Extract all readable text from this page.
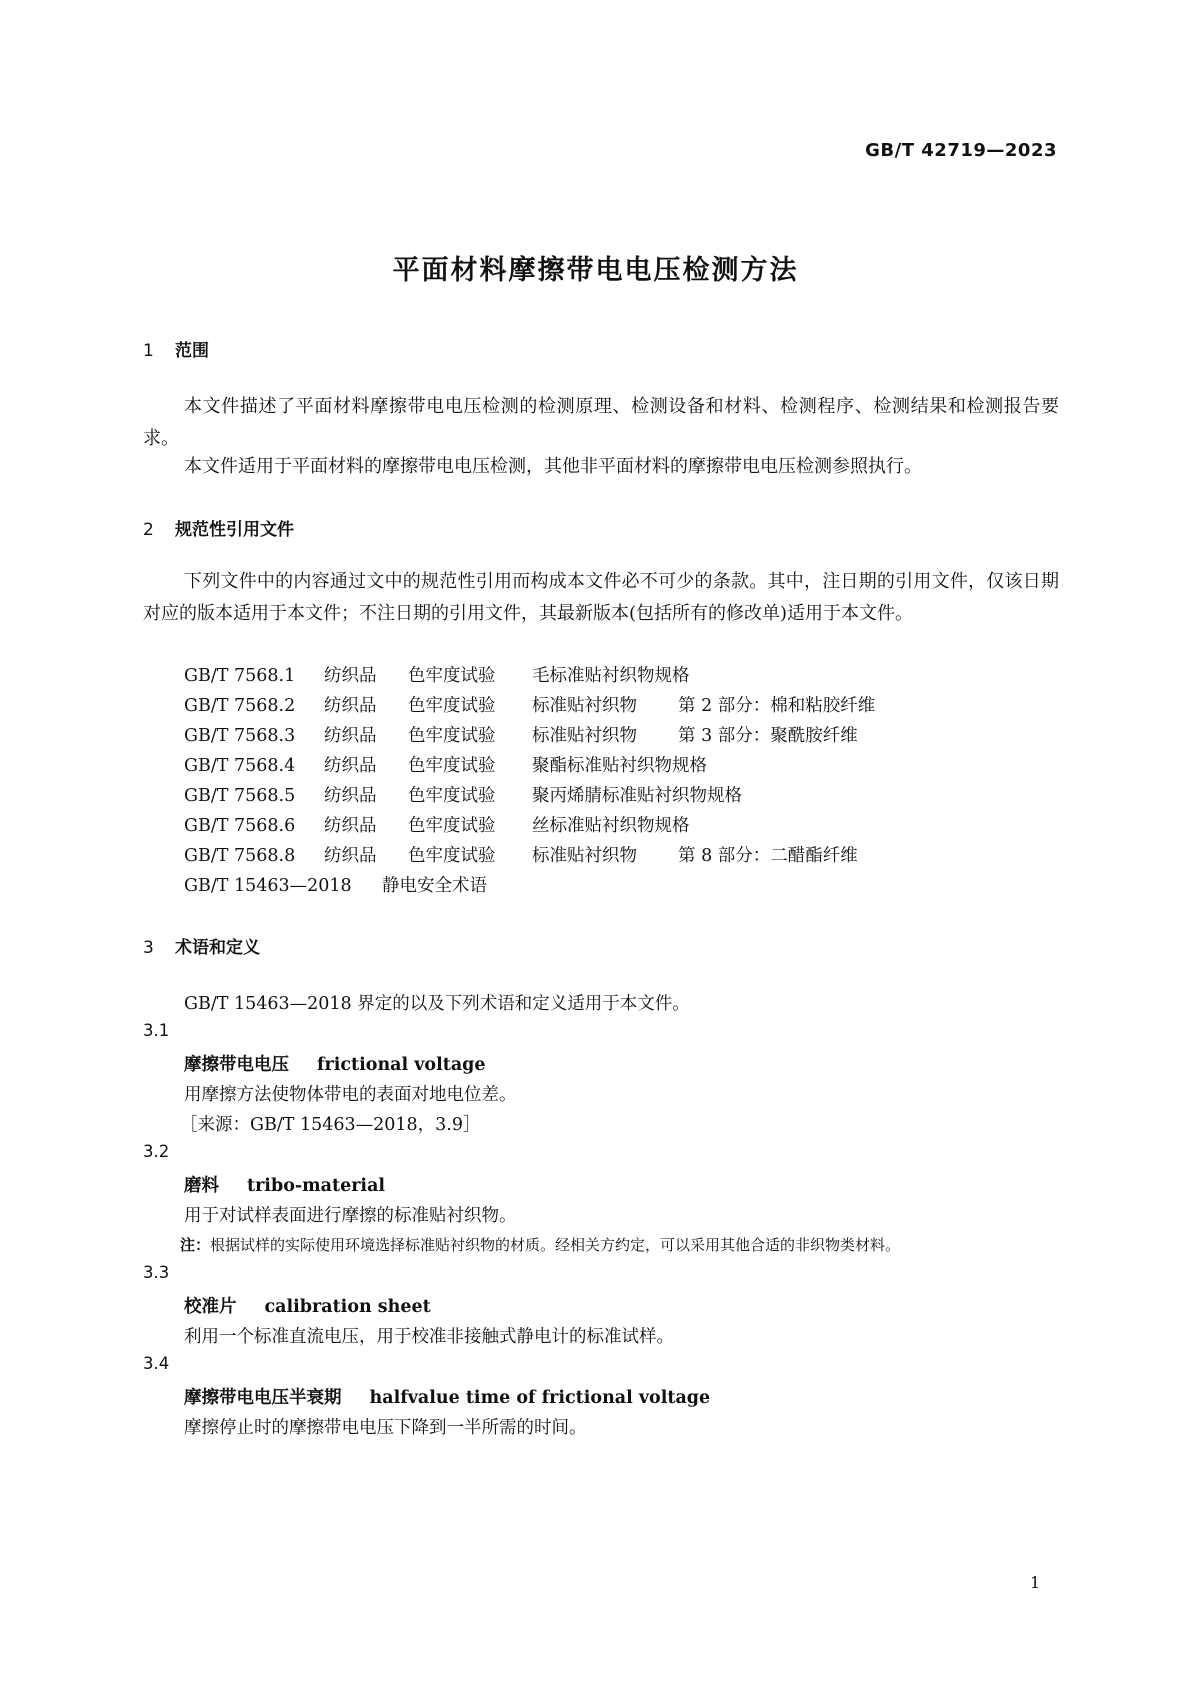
GB/T 42719—2023
平面材料摩擦带电电压检测方法
1 范围
本文件描述了平面材料摩擦带电电压检测的检测原理、检测设备和材料、检测程序、检测结果和检测报告要求。
本文件适用于平面材料的摩擦带电电压检测，其他非平面材料的摩擦带电电压检测参照执行。
2 规范性引用文件
下列文件中的内容通过文中的规范性引用而构成本文件必不可少的条款。其中，注日期的引用文件，仅该日期对应的版本适用于本文件；不注日期的引用文件，其最新版本(包括所有的修改单)适用于本文件。
GB/T 7568.1 纺织品 色牢度试验 毛标准贴衬织物规格
GB/T 7568.2 纺织品 色牢度试验 标准贴衬织物 第 2 部分：棉和粘胶纤维
GB/T 7568.3 纺织品 色牢度试验 标准贴衬织物 第 3 部分：聚酰胺纤维
GB/T 7568.4 纺织品 色牢度试验 聚酯标准贴衬织物规格
GB/T 7568.5 纺织品 色牢度试验 聚丙烯腈标准贴衬织物规格
GB/T 7568.6 纺织品 色牢度试验 丝标准贴衬织物规格
GB/T 7568.8 纺织品 色牢度试验 标准贴衬织物 第 8 部分：二醋酯纤维
GB/T 15463—2018 静电安全术语
3 术语和定义
GB/T 15463—2018 界定的以及下列术语和定义适用于本文件。
3.1
摩擦带电电压 frictional voltage
用摩擦方法使物体带电的表面对地电位差。
［来源：GB/T 15463—2018，3.9］
3.2
磨料 tribo-material
用于对试样表面进行摩擦的标准贴衬织物。
注：根据试样的实际使用环境选择标准贴衬织物的材质。经相关方约定，可以采用其他合适的非织物类材料。
3.3
校准片 calibration sheet
利用一个标准直流电压，用于校准非接触式静电计的标准试样。
3.4
摩擦带电电压半衰期 halfvalue time of frictional voltage
摩擦停止时的摩擦带电电压下降到一半所需的时间。
1
